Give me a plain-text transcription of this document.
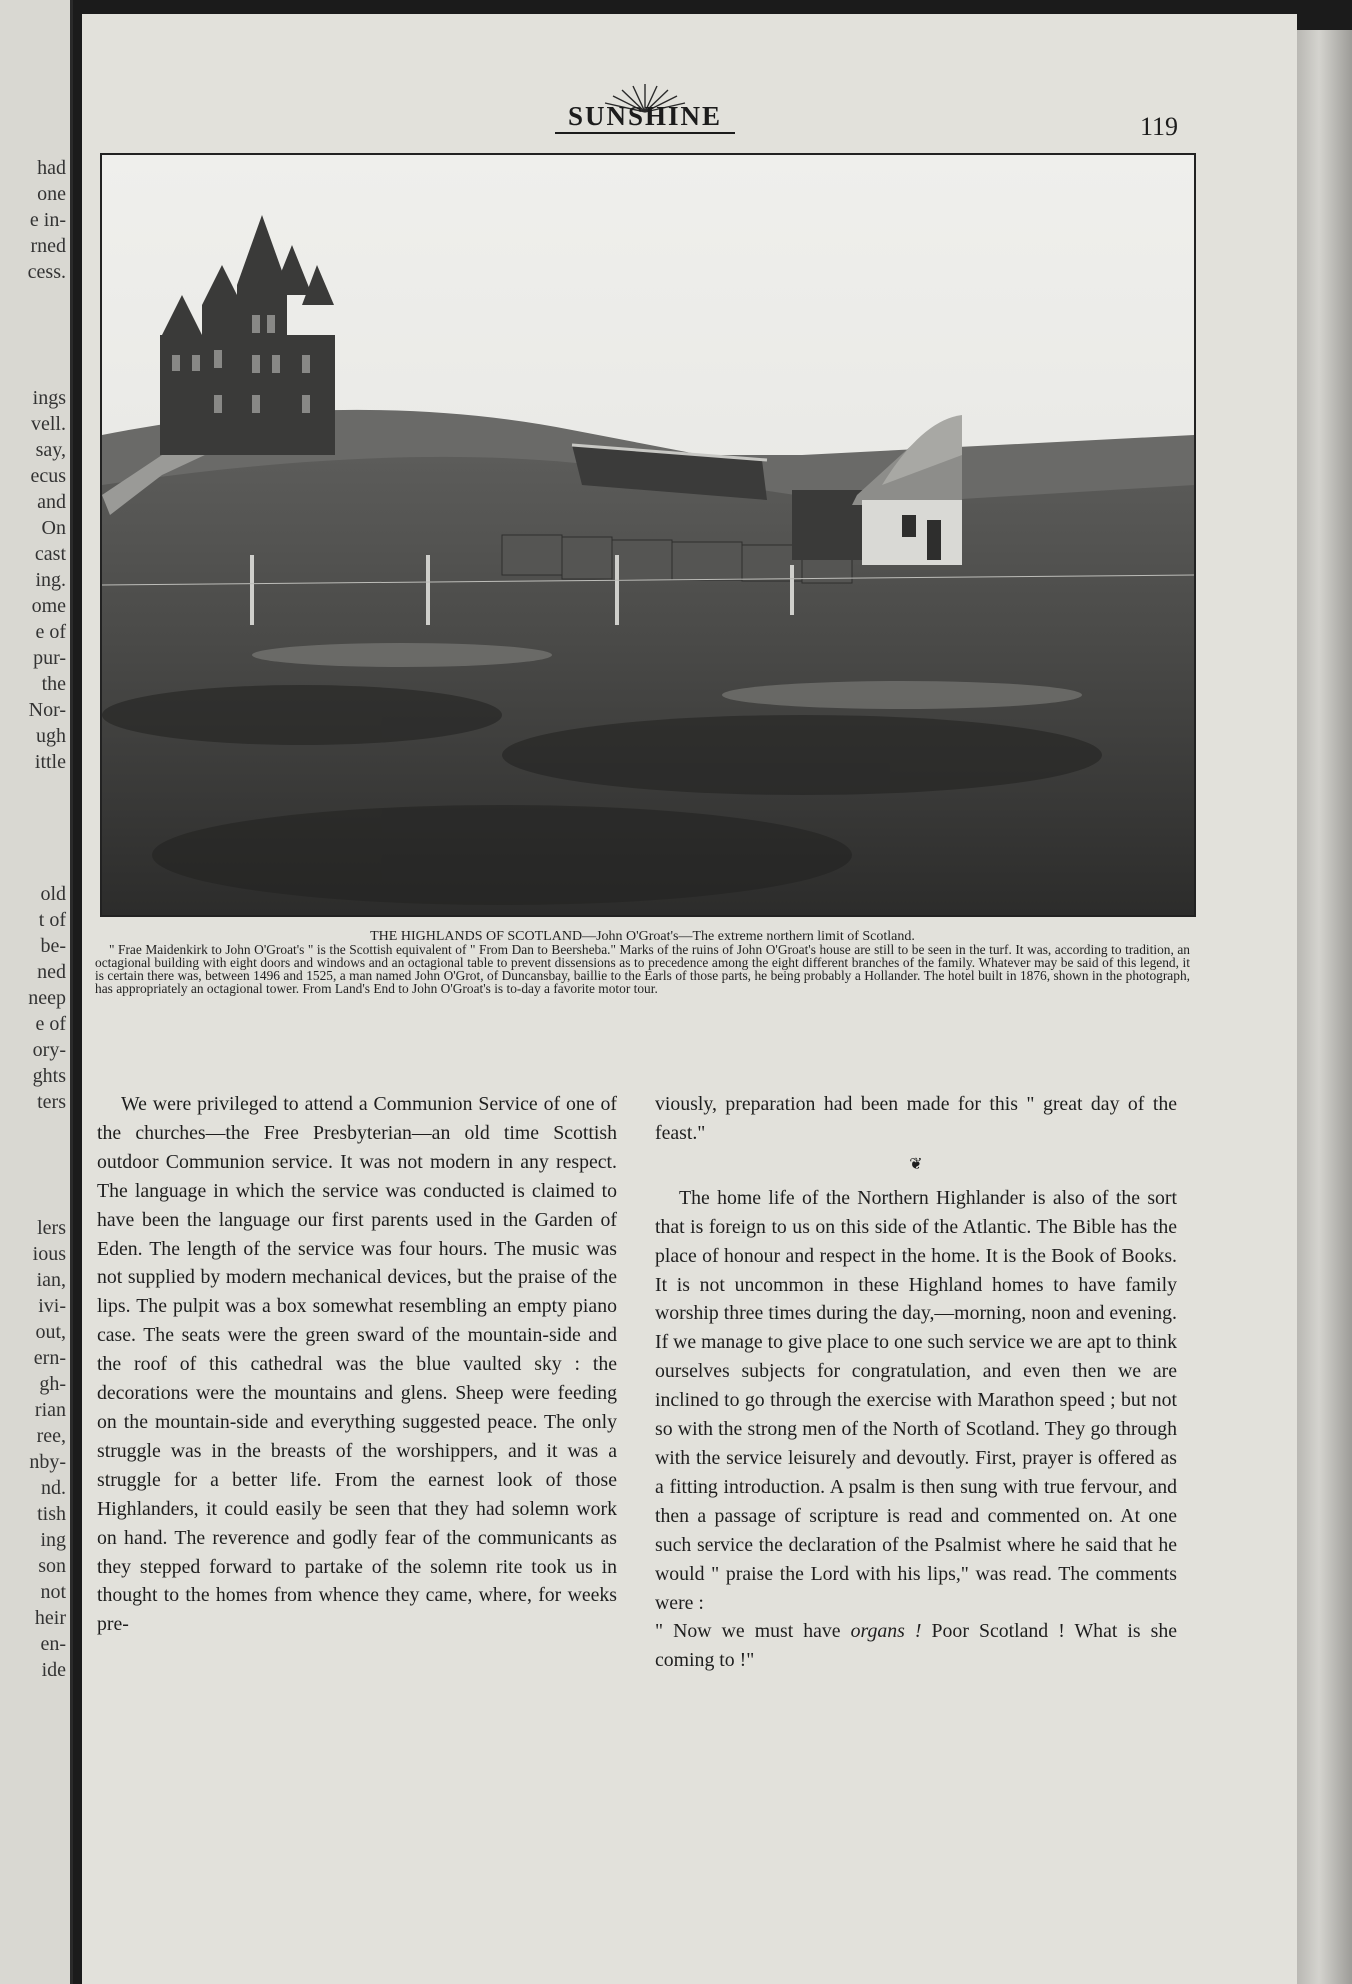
had
one
e in-
rned
cess.
ings
vell.
say,
ecus
and
On
cast
ing.
ome
e of
pur-
the
Nor-
ugh
ittle
old
t of
be-
ned
neep
e of
ory-
ghts
ters
lers
ious
ian,
ivi-
out,
ern-
gh-
rian
ree,
nby-
nd.
tish
ing
son
not
heir
en-
ide
SUNSHINE	119
THE HIGHLANDS OF SCOTLAND—John O'Groat's—The extreme northern limit of Scotland.

" Frae Maidenkirk to John O'Groat's " is the Scottish equivalent of " From Dan to Beersheba." Marks of the ruins of John O'Groat's house are still to be seen in the turf. It was, according to tradition, an octagional building with eight doors and windows and an octagional table to prevent dissensions as to precedence among the eight different branches of the family. Whatever may be said of this legend, it is certain there was, between 1496 and 1525, a man named John O'Grot, of Duncansbay, baillie to the Earls of those parts, he being probably a Hollander. The hotel built in 1876, shown in the photograph, has appropriately an octagional tower. From Land's End to John O'Groat's is to-day a favorite motor tour.

We were privileged to attend a Communion Service of one of the churches—the Free Presbyterian—an old time Scottish outdoor Communion service. It was not modern in any respect. The language in which the service was conducted is claimed to have been the language our first parents used in the Garden of Eden. The length of the service was four hours. The music was not supplied by modern mechanical devices, but the praise of the lips. The pulpit was a box somewhat resembling an empty piano case. The seats were the green sward of the mountain-side and the roof of this cathedral was the blue vaulted sky : the decorations were the mountains and glens. Sheep were feeding on the mountain-side and everything suggested peace. The only struggle was in the breasts of the worshippers, and it was a struggle for a better life. From the earnest look of those Highlanders, it could easily be seen that they had solemn work on hand. The reverence and godly fear of the communicants as they stepped forward to partake of the solemn rite took us in thought to the homes from whence they came, where, for weeks pre-

viously, preparation had been made for this " great day of the feast."

❦

The home life of the Northern Highlander is also of the sort that is foreign to us on this side of the Atlantic. The Bible has the place of honour and respect in the home. It is the Book of Books. It is not uncommon in these Highland homes to have family worship three times during the day,—morning, noon and evening. If we manage to give place to one such service we are apt to think ourselves subjects for congratulation, and even then we are inclined to go through the exercise with Marathon speed ; but not so with the strong men of the North of Scotland. They go through with the service leisurely and devoutly. First, prayer is offered as a fitting introduction. A psalm is then sung with true fervour, and then a passage of scripture is read and commented on. At one such service the declaration of the Psalmist where he said that he would " praise the Lord with his lips," was read. The comments were :

" Now we must have organs ! Poor Scotland ! What is she coming to !"
